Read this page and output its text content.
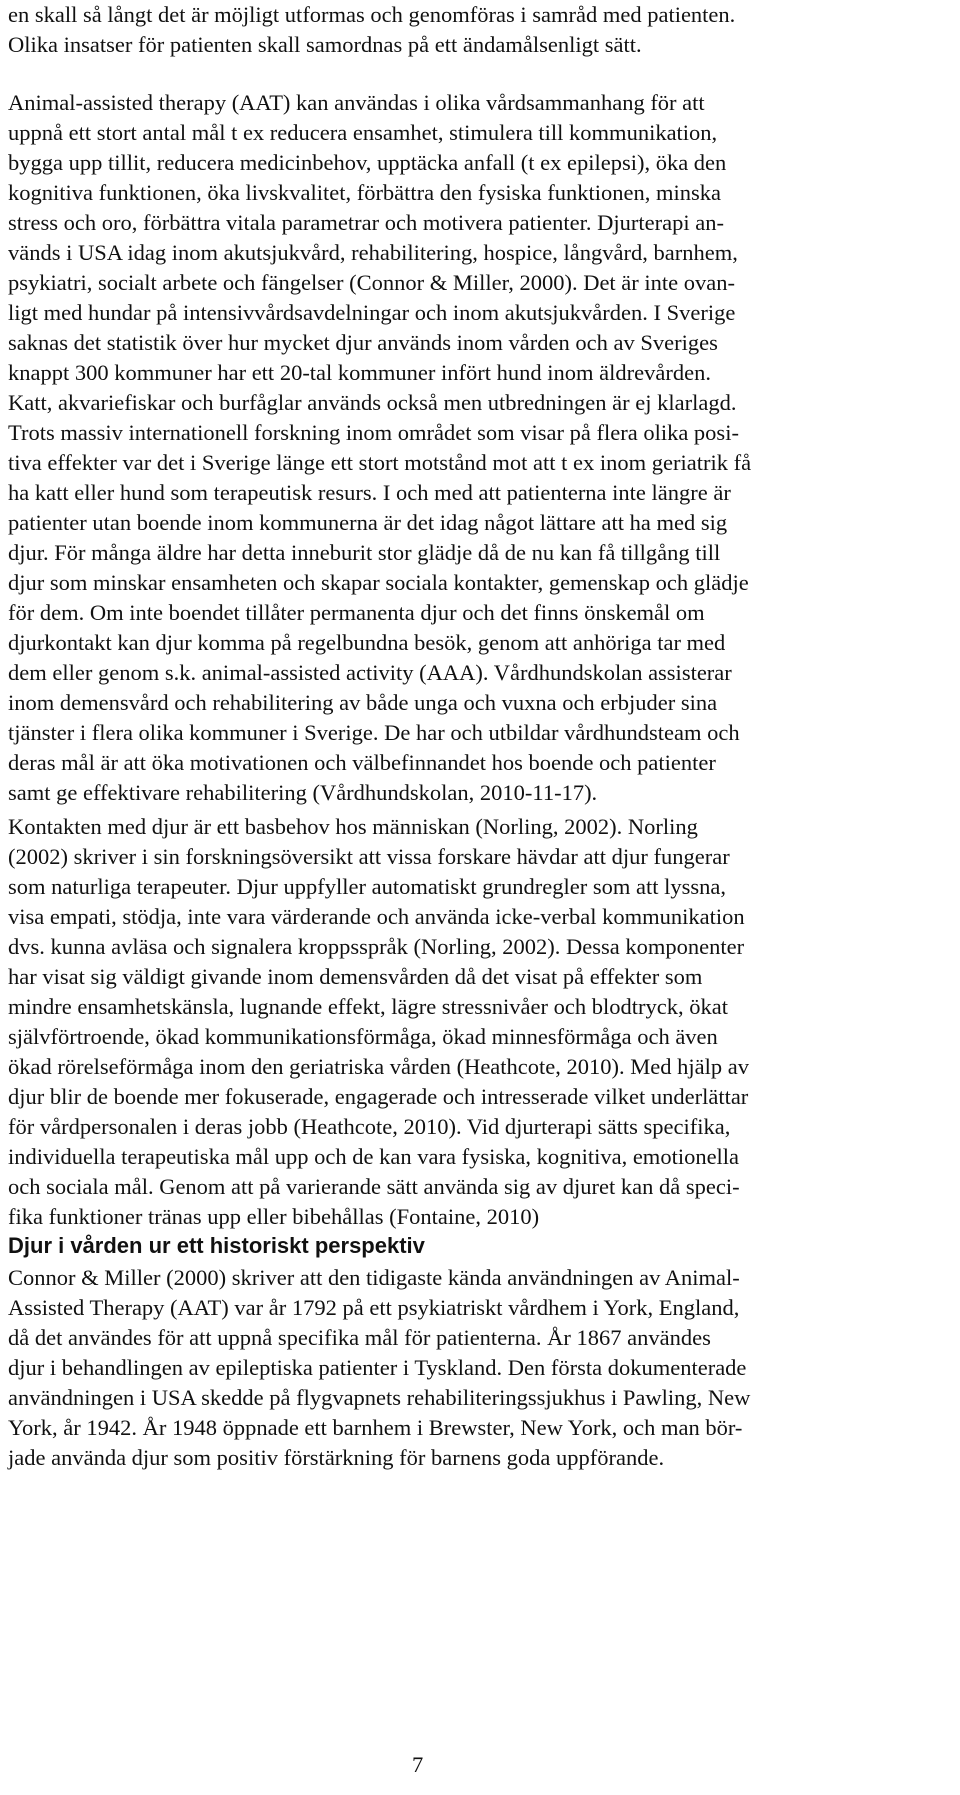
en skall så långt det är möjligt utformas och genomföras i samråd med patienten.

Olika insatser för patienten skall samordnas på ett ändamålsenligt sätt.

Animal-assisted therapy (AAT) kan användas i olika vårdsammanhang för att

uppnå ett stort antal mål t ex reducera ensamhet, stimulera till kommunikation,

bygga upp tillit, reducera medicinbehov, upptäcka anfall (t ex epilepsi), öka den

kognitiva funktionen, öka livskvalitet, förbättra den fysiska funktionen, minska

stress och oro, förbättra vitala parametrar och motivera patienter. Djurterapi an-

vänds i USA idag inom akutsjukvård, rehabilitering, hospice, långvård, barnhem,

psykiatri, socialt arbete och fängelser (Connor & Miller, 2000). Det är inte ovan-

ligt med hundar på intensivvårdsavdelningar och inom akutsjukvården. I Sverige

saknas det statistik över hur mycket djur används inom vården och av Sveriges

knappt 300 kommuner har ett 20-tal kommuner infört hund inom äldrevården.

Katt, akvariefiskar och burfåglar används också men utbredningen är ej klarlagd.

Trots massiv internationell forskning inom området som visar på flera olika posi-

tiva effekter var det i Sverige länge ett stort motstånd mot att t ex inom geriatrik få

ha katt eller hund som terapeutisk resurs. I och med att patienterna inte längre är

patienter utan boende inom kommunerna är det idag något lättare att ha med sig

djur. För många äldre har detta inneburit stor glädje då de nu kan få tillgång till

djur som minskar ensamheten och skapar sociala kontakter, gemenskap och glädje

för dem. Om inte boendet tillåter permanenta djur och det finns önskemål om

djurkontakt kan djur komma på regelbundna besök, genom att anhöriga tar med

dem eller genom s.k. animal-assisted activity (AAA). Vårdhundskolan assisterar

inom demensvård och rehabilitering av både unga och vuxna och erbjuder sina

tjänster i flera olika kommuner i Sverige. De har och utbildar vårdhundsteam och

deras mål är att öka motivationen och välbefinnandet hos boende och patienter

samt ge effektivare rehabilitering (Vårdhundskolan, 2010-11-17).

Kontakten med djur är ett basbehov hos människan (Norling, 2002). Norling

(2002) skriver i sin forskningsöversikt att vissa forskare hävdar att djur fungerar

som naturliga terapeuter. Djur uppfyller automatiskt grundregler som att lyssna,

visa empati, stödja, inte vara värderande och använda icke-verbal kommunikation

dvs. kunna avläsa och signalera kroppsspråk (Norling, 2002). Dessa komponenter

har visat sig väldigt givande inom demensvården då det visat på effekter som

mindre ensamhetskänsla, lugnande effekt, lägre stressnivåer och blodtryck, ökat

självförtroende, ökad kommunikationsförmåga, ökad minnesförmåga och även

ökad rörelseförmåga inom den geriatriska vården (Heathcote, 2010). Med hjälp av

djur blir de boende mer fokuserade, engagerade och intresserade vilket underlättar

för vårdpersonalen i deras jobb (Heathcote, 2010). Vid djurterapi sätts specifika,

individuella terapeutiska mål upp och de kan vara fysiska, kognitiva, emotionella

och sociala mål. Genom att på varierande sätt använda sig av djuret kan då speci-

fika funktioner tränas upp eller bibehållas (Fontaine, 2010)

Djur i vården ur ett historiskt perspektiv

Connor & Miller (2000) skriver att den tidigaste kända användningen av Animal-

Assisted Therapy (AAT) var år 1792 på ett psykiatriskt vårdhem i York, England,

då det användes för att uppnå specifika mål för patienterna. År 1867 användes

djur i behandlingen av epileptiska patienter i Tyskland. Den första dokumenterade

användningen i USA skedde på flygvapnets rehabiliteringssjukhus i Pawling, New

York, år 1942. År 1948 öppnade ett barnhem i Brewster, New York, och man bör-

jade använda djur som positiv förstärkning för barnens goda uppförande.

7
